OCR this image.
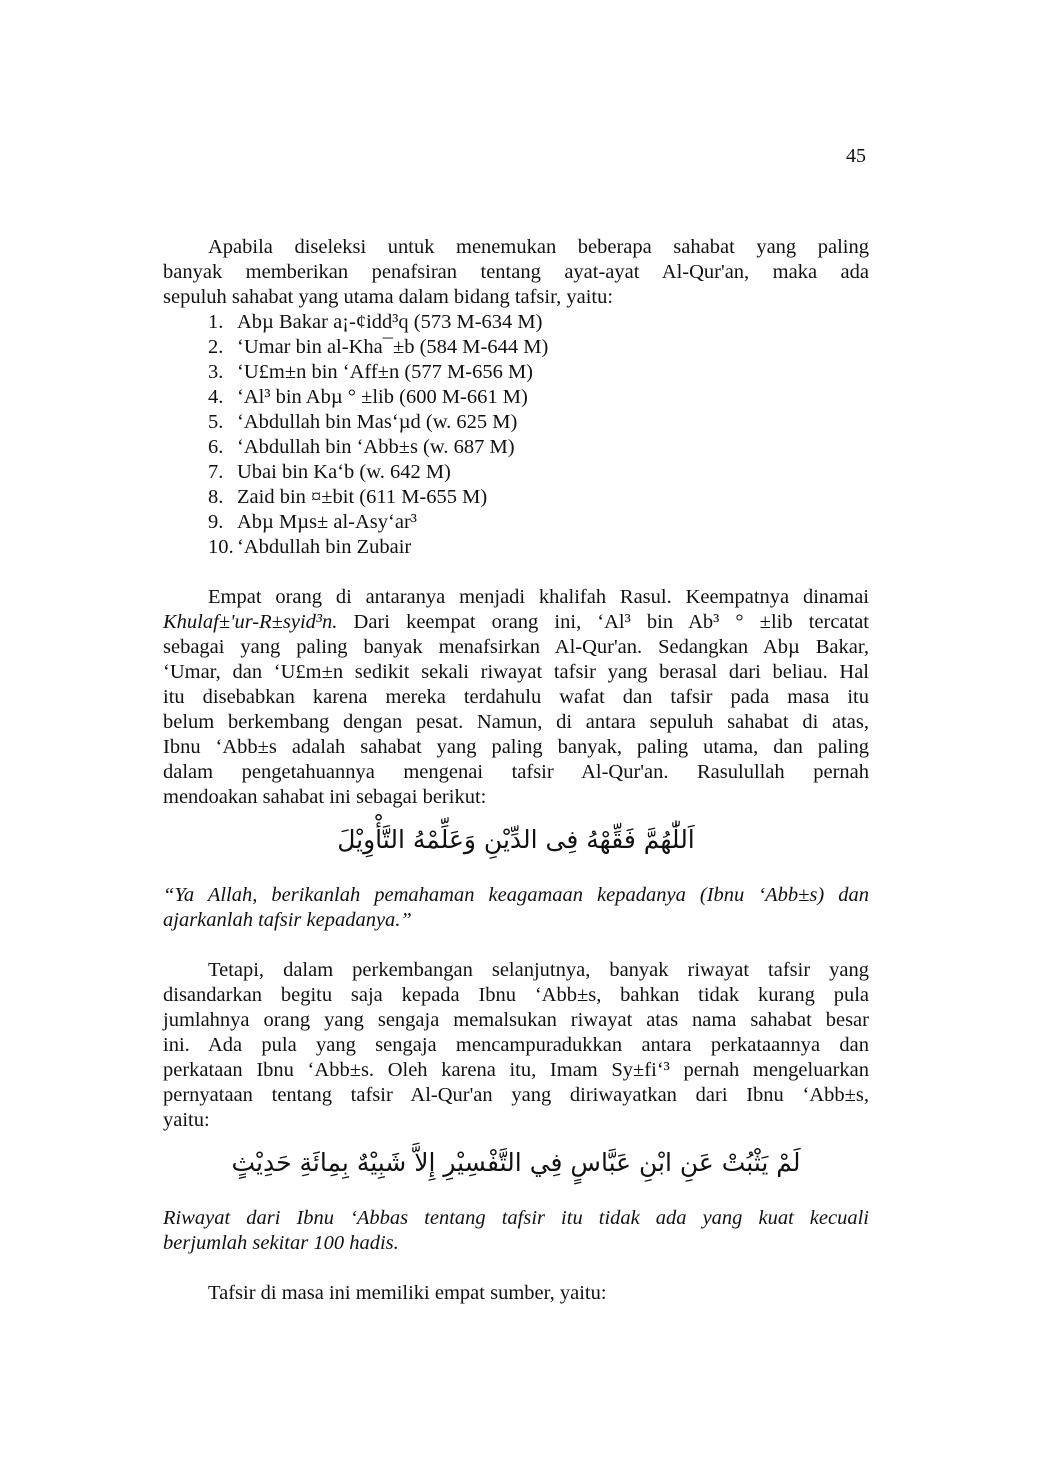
45
Apabila diseleksi untuk menemukan beberapa sahabat yang paling
banyak memberikan penafsiran tentang ayat-ayat Al-Qur'an, maka ada
sepuluh sahabat yang utama dalam bidang tafsir, yaitu:
1. Abµ Bakar a¡-¢idd³q (573 M-634 M)
2. ‘Umar bin al-Kha¯±b (584 M-644 M)
3. ‘U£m±n bin ‘Aff±n (577 M-656 M)
4. ‘Al³ bin Abµ ° ±lib (600 M-661 M)
5. ‘Abdullah bin Mas‘µd (w. 625 M)
6. ‘Abdullah bin ‘Abb±s (w. 687 M)
7. Ubai bin Ka‘b (w. 642 M)
8. Zaid bin ¤±bit (611 M-655 M)
9. Abµ Mµs± al-Asy‘ar³
10. ‘Abdullah bin Zubair
Empat orang di antaranya menjadi khalifah Rasul. Keempatnya dinamai
Khulaf±'ur-R±syid³n. Dari keempat orang ini, ‘Al³ bin Ab³ ° ±lib tercatat
sebagai yang paling banyak menafsirkan Al-Qur'an. Sedangkan Abµ Bakar,
‘Umar, dan ‘U£m±n sedikit sekali riwayat tafsir yang berasal dari beliau. Hal
itu disebabkan karena mereka terdahulu wafat dan tafsir pada masa itu
belum berkembang dengan pesat. Namun, di antara sepuluh sahabat di atas,
Ibnu ‘Abb±s adalah sahabat yang paling banyak, paling utama, dan paling
dalam pengetahuannya mengenai tafsir Al-Qur'an. Rasulullah pernah
mendoakan sahabat ini sebagai berikut:
اَللّٰهُمَّ فَقِّهْهُ فِى الدِّيْنِ وَعَلِّمْهُ التَّأْوِيْلَ
“Ya Allah, berikanlah pemahaman keagamaan kepadanya (Ibnu ‘Abb±s) dan
ajarkanlah tafsir kepadanya.”
Tetapi, dalam perkembangan selanjutnya, banyak riwayat tafsir yang
disandarkan begitu saja kepada Ibnu ‘Abb±s, bahkan tidak kurang pula
jumlahnya orang yang sengaja memalsukan riwayat atas nama sahabat besar
ini. Ada pula yang sengaja mencampuradukkan antara perkataannya dan
perkataan Ibnu ‘Abb±s. Oleh karena itu, Imam Sy±fi‘³ pernah mengeluarkan
pernyataan tentang tafsir Al-Qur'an yang diriwayatkan dari Ibnu ‘Abb±s,
yaitu:
لَمْ يَثْبُتْ عَنِ ابْنِ عَبَّاسٍ فِي التَّفْسِيْرِ إِلاَّ شَبِيْهٌ بِمِائَةِ حَدِيْثٍ
Riwayat dari Ibnu ‘Abbas tentang tafsir itu tidak ada yang kuat kecuali
berjumlah sekitar 100 hadis.
Tafsir di masa ini memiliki empat sumber, yaitu:
